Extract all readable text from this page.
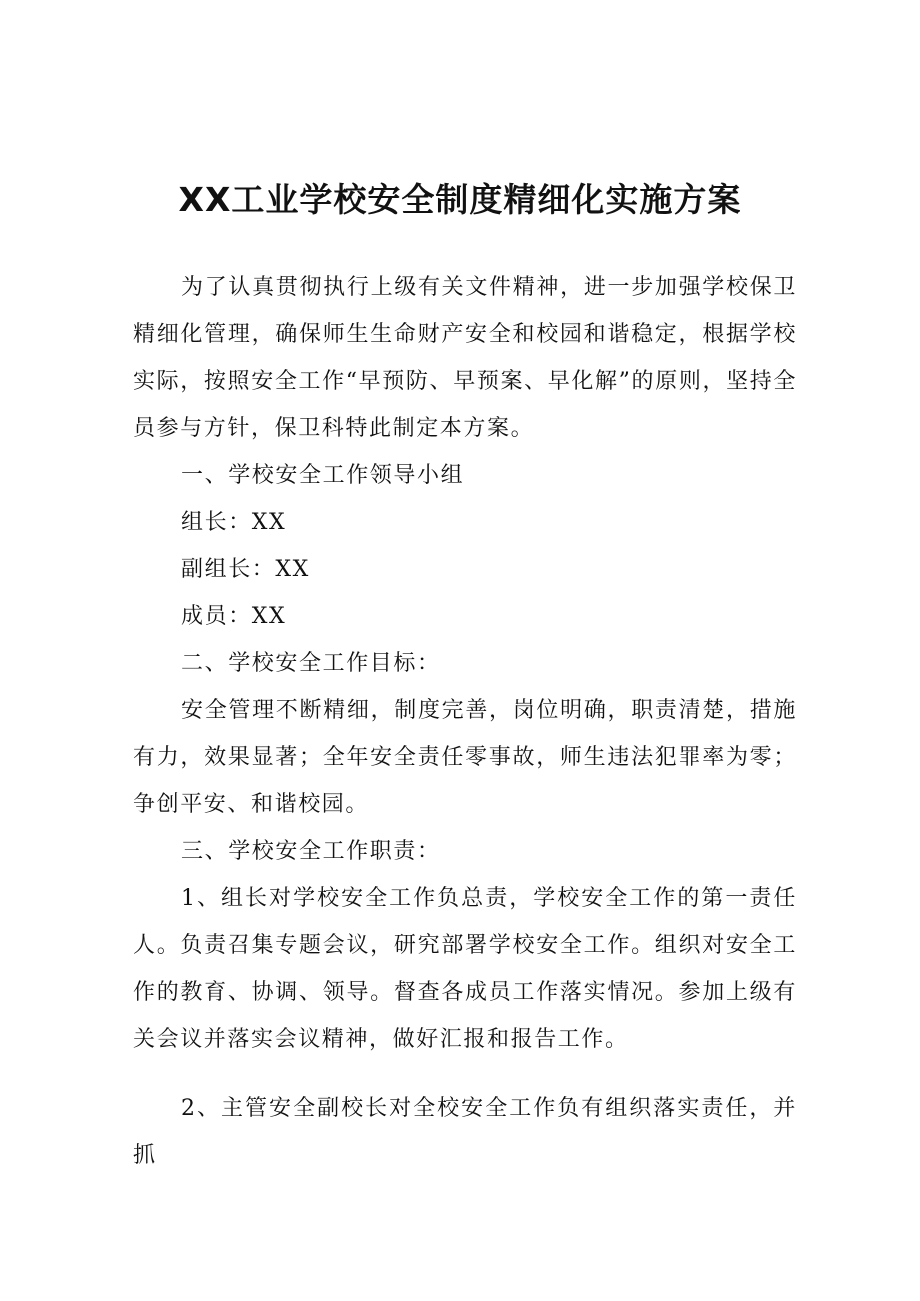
XX工业学校安全制度精细化实施方案

为了认真贯彻执行上级有关文件精神，进一步加强学校保卫精细化管理，确保师生生命财产安全和校园和谐稳定，根据学校实际，按照安全工作“早预防、早预案、早化解”的原则，坚持全员参与方针，保卫科特此制定本方案。

一、学校安全工作领导小组

组长：XX

副组长：XX

成员：XX

二、学校安全工作目标：

安全管理不断精细，制度完善，岗位明确，职责清楚，措施有力，效果显著；全年安全责任零事故，师生违法犯罪率为零；争创平安、和谐校园。

三、学校安全工作职责：

1、组长对学校安全工作负总责，学校安全工作的第一责任人。负责召集专题会议，研究部署学校安全工作。组织对安全工作的教育、协调、领导。督查各成员工作落实情况。参加上级有关会议并落实会议精神，做好汇报和报告工作。

2、主管安全副校长对全校安全工作负有组织落实责任，并抓
